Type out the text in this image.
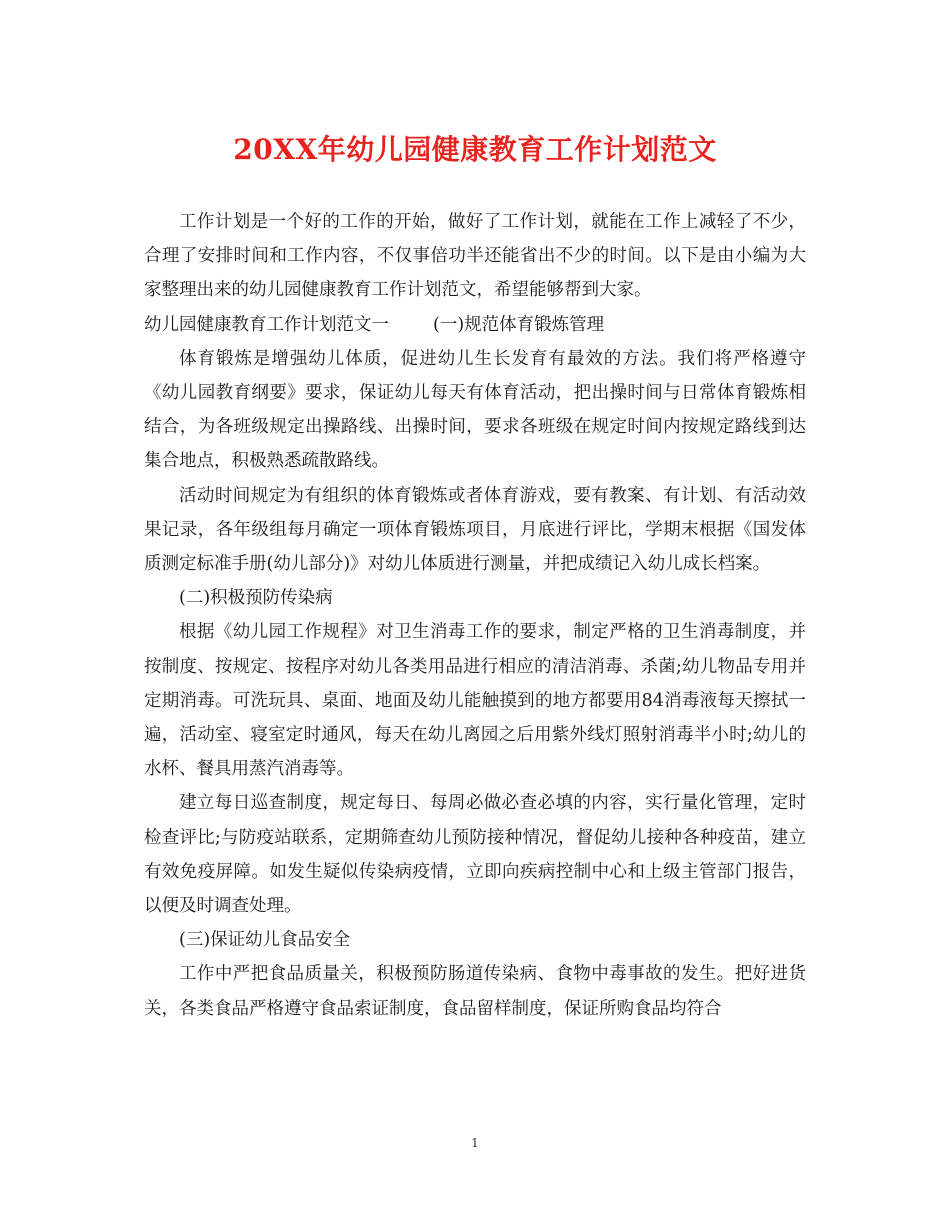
20XX年幼儿园健康教育工作计划范文

工作计划是一个好的工作的开始，做好了工作计划，就能在工作上减轻了不少，合理了安排时间和工作内容，不仅事倍功半还能省出不少的时间。以下是由小编为大家整理出来的幼儿园健康教育工作计划范文，希望能够帮到大家。

幼儿园健康教育工作计划范文一	(一)规范体育锻炼管理

体育锻炼是增强幼儿体质，促进幼儿生长发育有最效的方法。我们将严格遵守《幼儿园教育纲要》要求，保证幼儿每天有体育活动，把出操时间与日常体育锻炼相结合，为各班级规定出操路线、出操时间，要求各班级在规定时间内按规定路线到达集合地点，积极熟悉疏散路线。

活动时间规定为有组织的体育锻炼或者体育游戏，要有教案、有计划、有活动效果记录，各年级组每月确定一项体育锻炼项目，月底进行评比，学期末根据《国发体质测定标准手册(幼儿部分)》对幼儿体质进行测量，并把成绩记入幼儿成长档案。

(二)积极预防传染病

根据《幼儿园工作规程》对卫生消毒工作的要求，制定严格的卫生消毒制度，并按制度、按规定、按程序对幼儿各类用品进行相应的清洁消毒、杀菌;幼儿物品专用并定期消毒。可洗玩具、桌面、地面及幼儿能触摸到的地方都要用84消毒液每天擦拭一遍，活动室、寝室定时通风，每天在幼儿离园之后用紫外线灯照射消毒半小时;幼儿的水杯、餐具用蒸汽消毒等。

建立每日巡查制度，规定每日、每周必做必查必填的内容，实行量化管理，定时检查评比;与防疫站联系，定期筛查幼儿预防接种情况，督促幼儿接种各种疫苗，建立有效免疫屏障。如发生疑似传染病疫情，立即向疾病控制中心和上级主管部门报告，以便及时调查处理。

(三)保证幼儿食品安全

工作中严把食品质量关，积极预防肠道传染病、食物中毒事故的发生。把好进货关，各类食品严格遵守食品索证制度，食品留样制度，保证所购食品均符合

1
